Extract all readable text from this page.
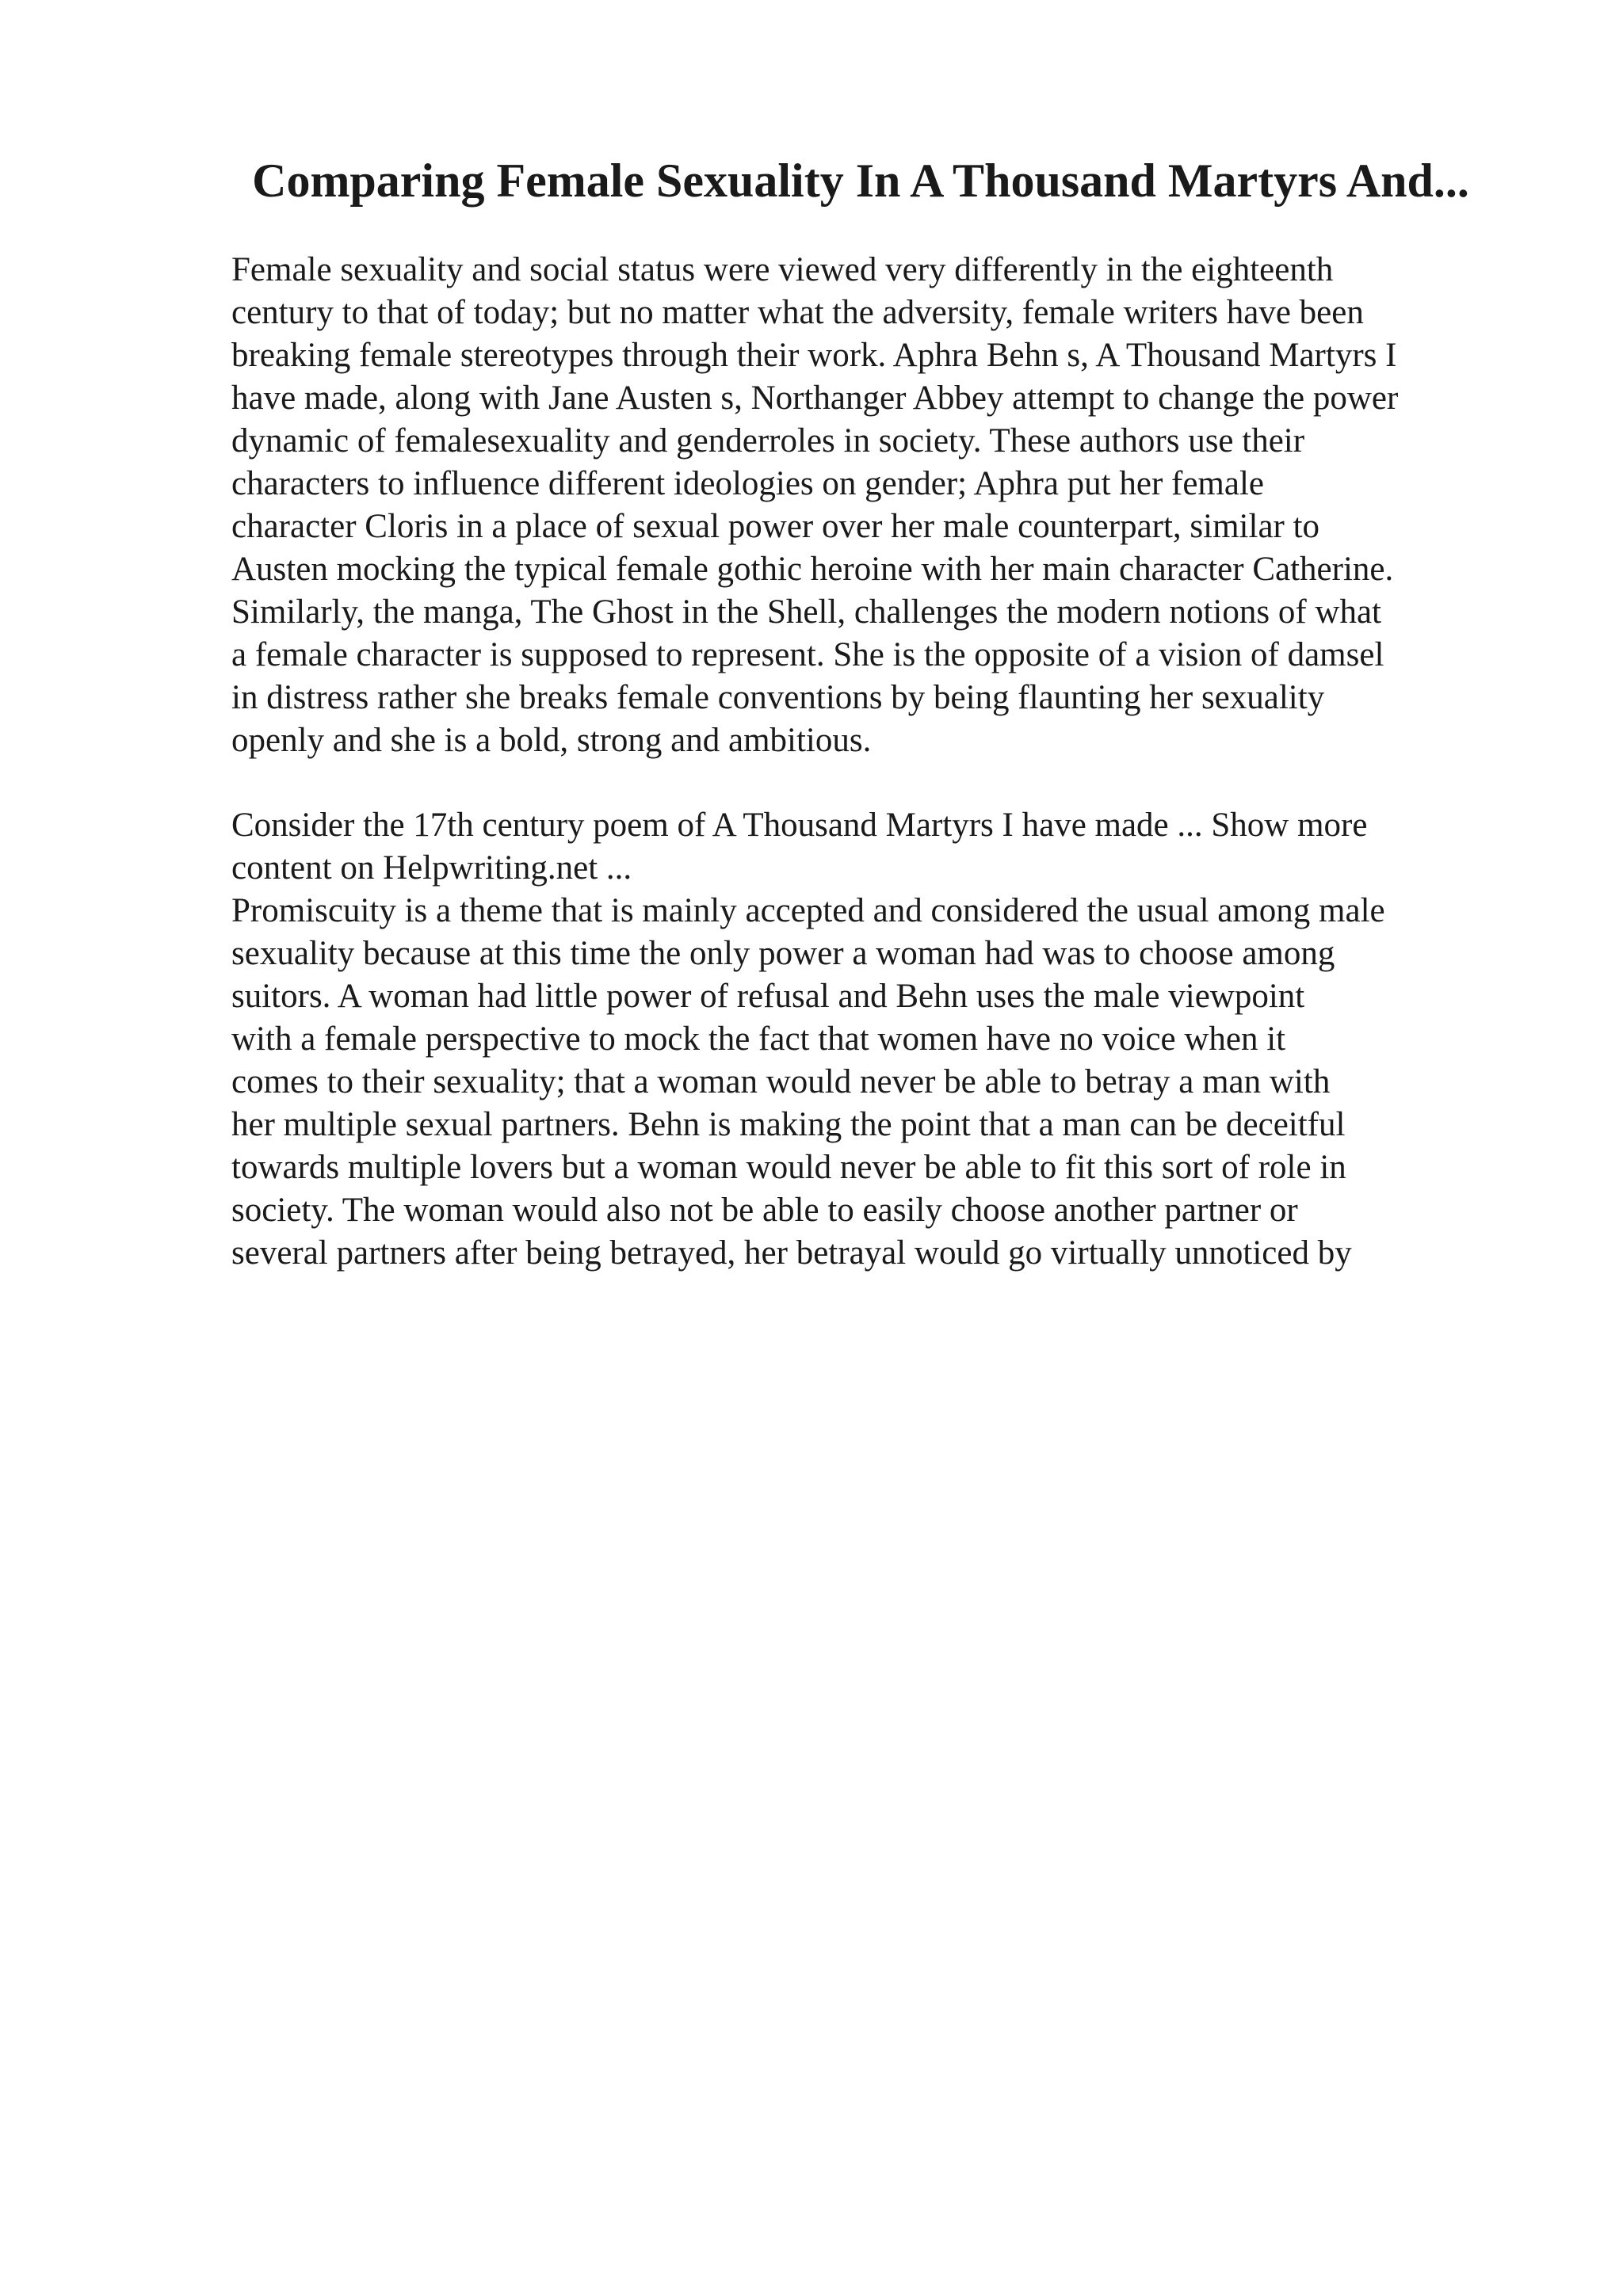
Comparing Female Sexuality In A Thousand Martyrs And...
Female sexuality and social status were viewed very differently in the eighteenth
century to that of today; but no matter what the adversity, female writers have been
breaking female stereotypes through their work. Aphra Behn s, A Thousand Martyrs I
have made, along with Jane Austen s, Northanger Abbey attempt to change the power
dynamic of femalesexuality and genderroles in society. These authors use their
characters to influence different ideologies on gender; Aphra put her female
character Cloris in a place of sexual power over her male counterpart, similar to
Austen mocking the typical female gothic heroine with her main character Catherine.
Similarly, the manga, The Ghost in the Shell, challenges the modern notions of what
a female character is supposed to represent. She is the opposite of a vision of damsel
in distress rather she breaks female conventions by being flaunting her sexuality
openly and she is a bold, strong and ambitious.
Consider the 17th century poem of A Thousand Martyrs I have made ... Show more
content on Helpwriting.net ...
Promiscuity is a theme that is mainly accepted and considered the usual among male
sexuality because at this time the only power a woman had was to choose among
suitors. A woman had little power of refusal and Behn uses the male viewpoint
with a female perspective to mock the fact that women have no voice when it
comes to their sexuality; that a woman would never be able to betray a man with
her multiple sexual partners. Behn is making the point that a man can be deceitful
towards multiple lovers but a woman would never be able to fit this sort of role in
society. The woman would also not be able to easily choose another partner or
several partners after being betrayed, her betrayal would go virtually unnoticed by
